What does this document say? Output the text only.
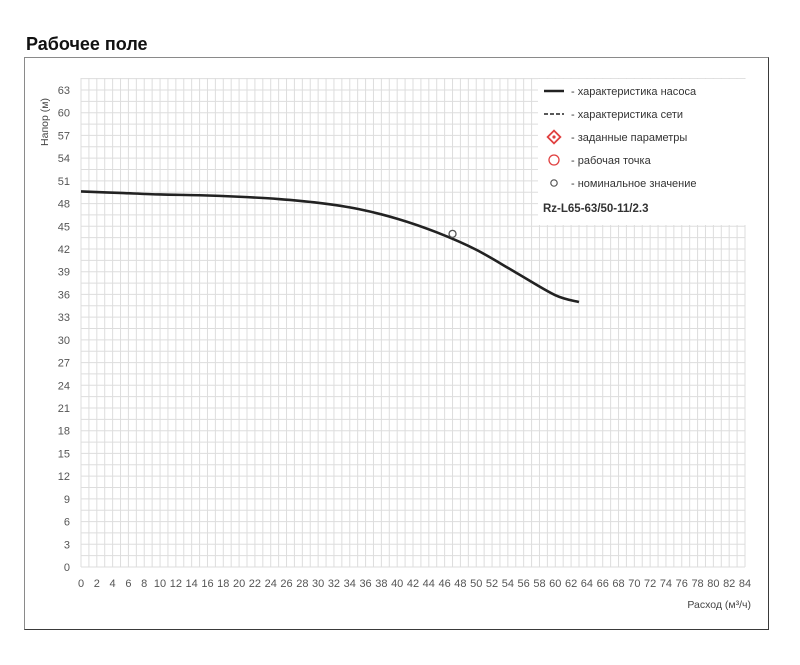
Рабочее поле
0 2 4 6 8 10 12 14 16 18 20 22 24 26 28 30 32 34 36 38 40 42 44 46 48 50 52 54 56 58 60 62 64 66 68 70 72 74 76 78 80 82 84
0
3
6
9
12
15
18
21
24
27
30
33
36
39
42
45
48
51
54
57
60
63	- характеристика насоса
- характеристика сети
- заданные параметры
- рабочая точка
- номинальное значение
Напор (м)
Расход (м³/ч)
Rz-L65-63/50-11/2.3
